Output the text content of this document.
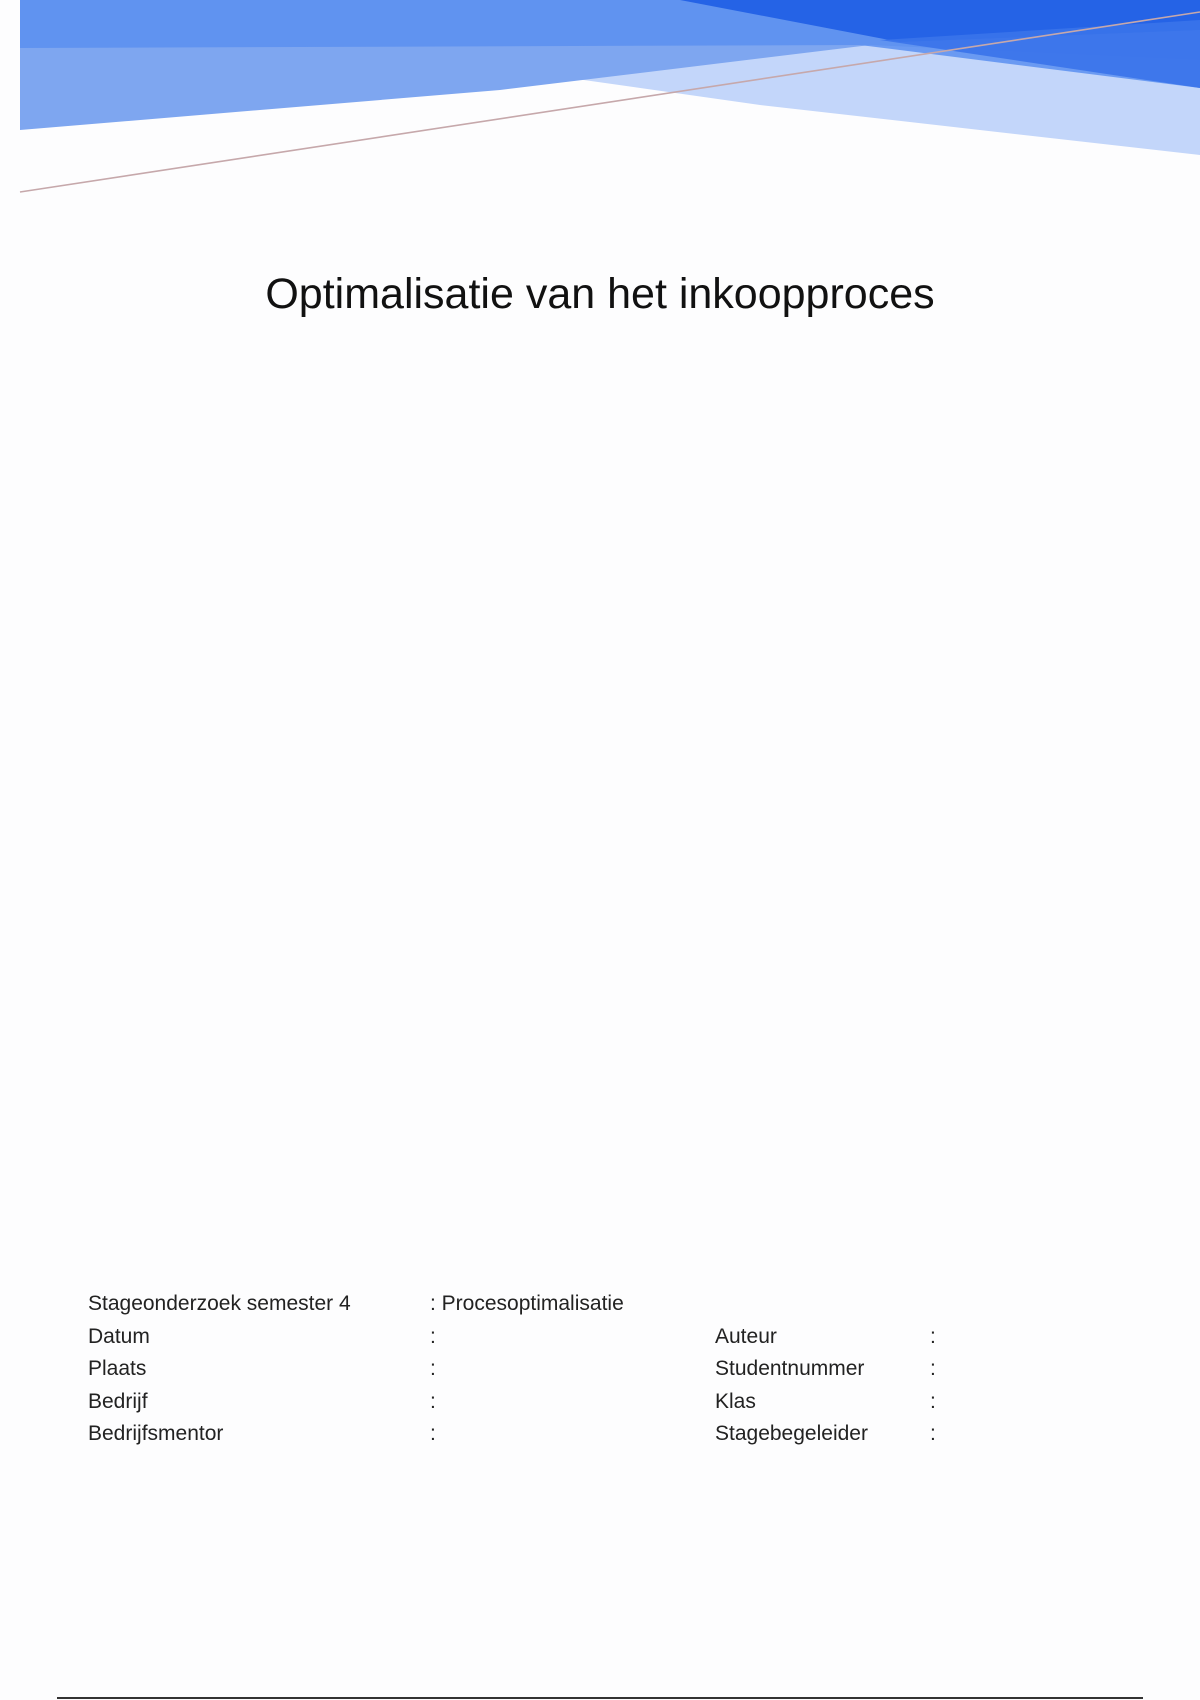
Optimalisatie van het inkoopproces
Stageonderzoek semester 4	: Procesoptimalisatie
Datum	:	Auteur	:
Plaats	:	Studentnummer	:
Bedrijf	:	Klas	:
Bedrijfsmentor	:	Stagebegeleider	:
